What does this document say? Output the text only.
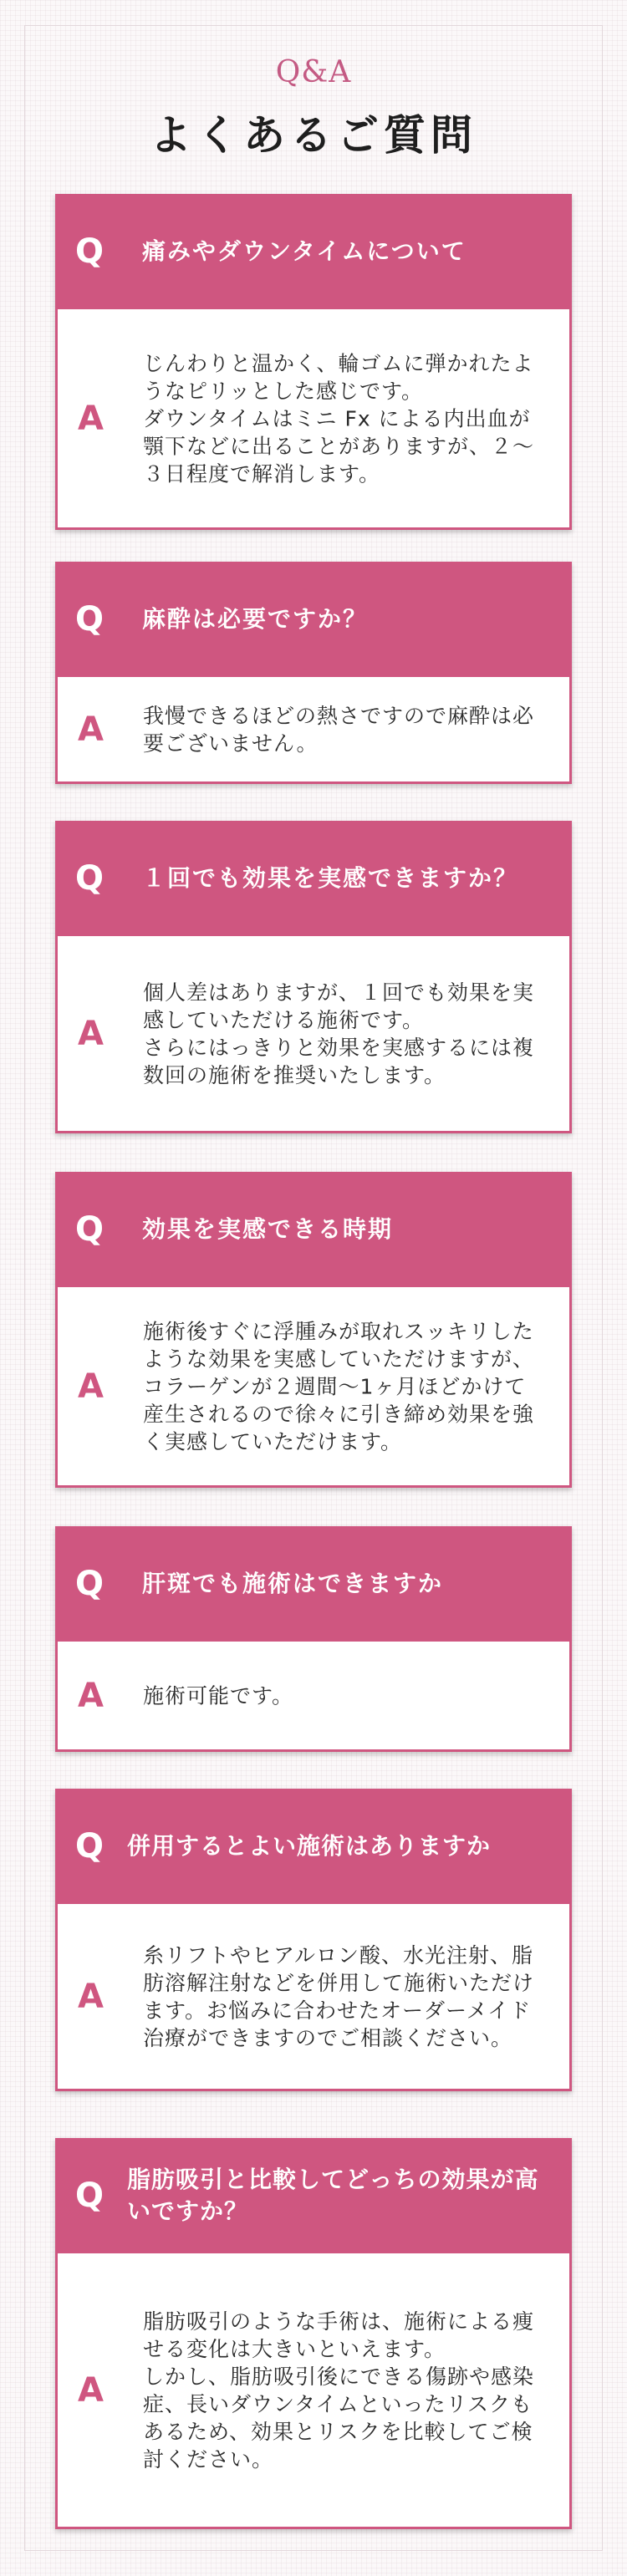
Q&A
よくあるご質問
Q 痛みやダウンタイムについて
A
じんわりと温かく、輪ゴムに弾かれたようなピリッとした感じです。
ダウンタイムはミニ Fx による内出血が顎下などに出ることがありますが、２〜３日程度で解消します。
Q 麻酔は必要ですか？
A 我慢できるほどの熱さですので麻酔は必要ございません。
Q １回でも効果を実感できますか？
A
個人差はありますが、１回でも効果を実感していただける施術です。
さらにはっきりと効果を実感するには複数回の施術を推奨いたします。
Q 効果を実感できる時期
A
施術後すぐに浮腫みが取れスッキリしたような効果を実感していただけますが、コラーゲンが２週間〜1ヶ月ほどかけて産生されるので徐々に引き締め効果を強く実感していただけます。
Q 肝斑でも施術はできますか
A 施術可能です。
Q 併用するとよい施術はありますか
A
糸リフトやヒアルロン酸、水光注射、脂肪溶解注射などを併用して施術いただけます。お悩みに合わせたオーダーメイド治療ができますのでご相談ください。
Q 脂肪吸引と比較してどっちの効果が高いですか？
A
脂肪吸引のような手術は、施術による痩せる変化は大きいといえます。
しかし、脂肪吸引後にできる傷跡や感染症、長いダウンタイムといったリスクもあるため、効果とリスクを比較してご検討ください。
